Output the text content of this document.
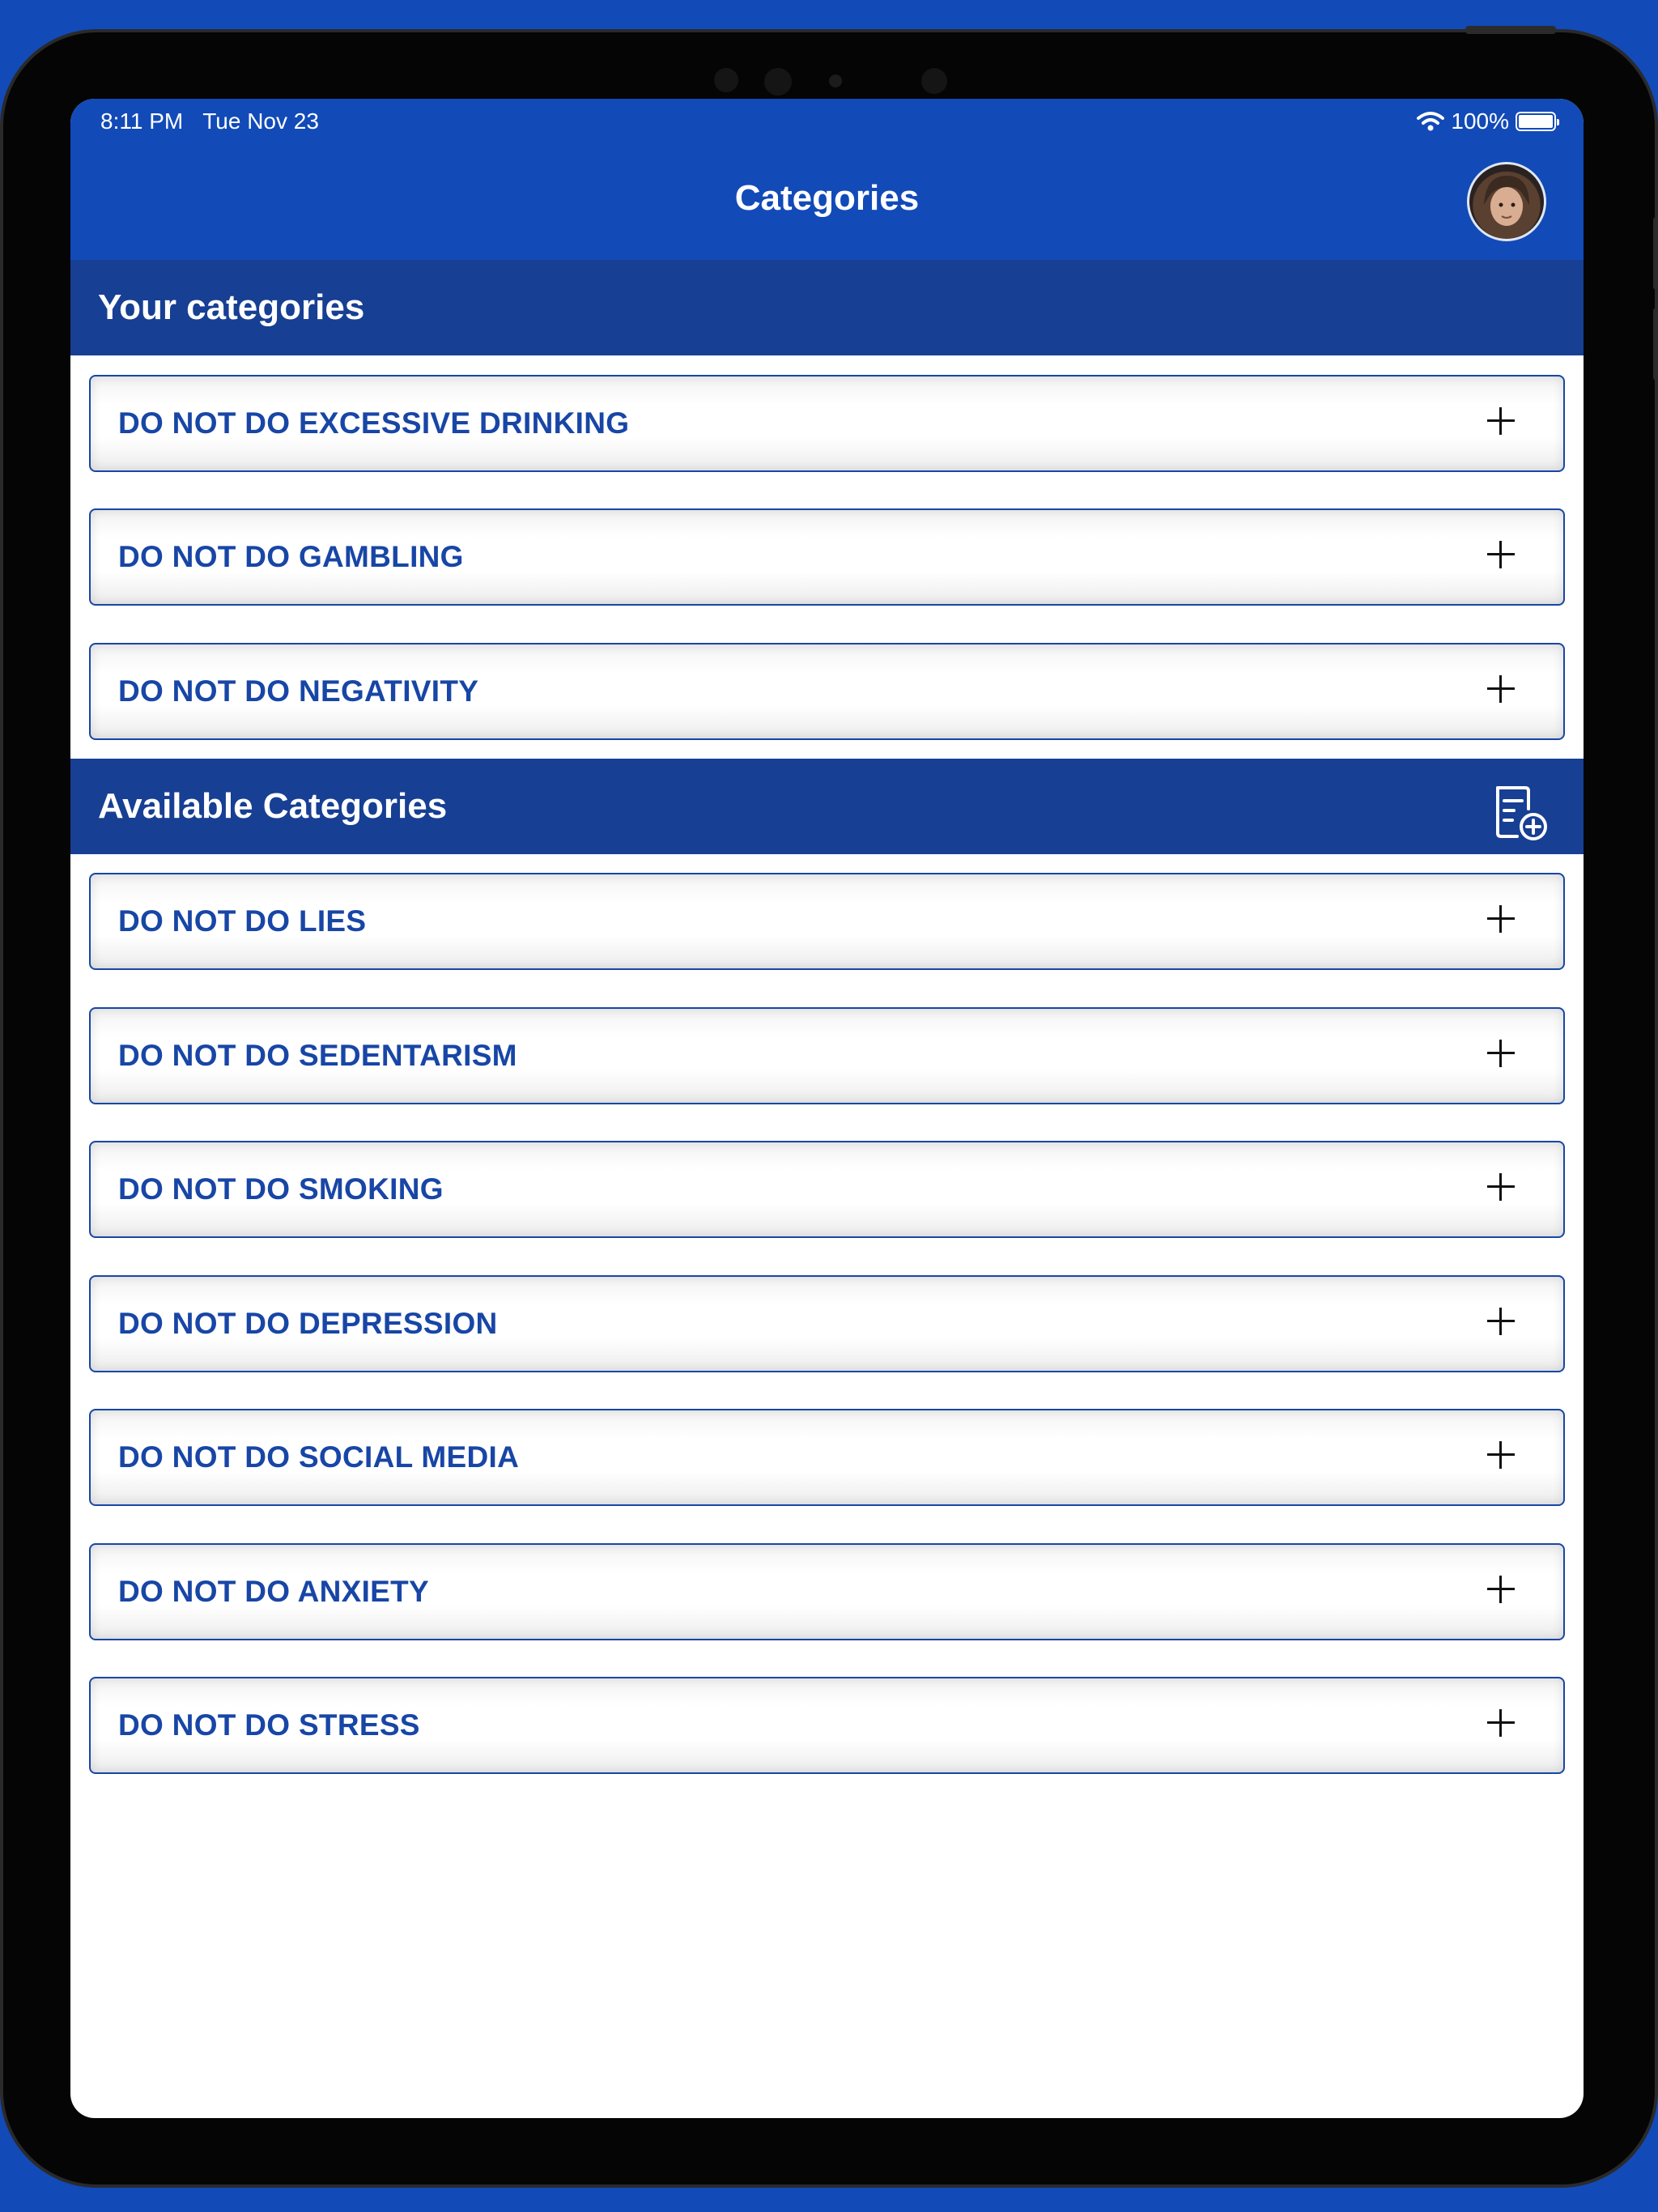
8:11 PM Tue Nov 23	100%
Categories
Your categories
DO NOT DO EXCESSIVE DRINKING
DO NOT DO GAMBLING
DO NOT DO NEGATIVITY
Available Categories
DO NOT DO LIES
DO NOT DO SEDENTARISM
DO NOT DO SMOKING
DO NOT DO DEPRESSION
DO NOT DO SOCIAL MEDIA
DO NOT DO ANXIETY
DO NOT DO STRESS
